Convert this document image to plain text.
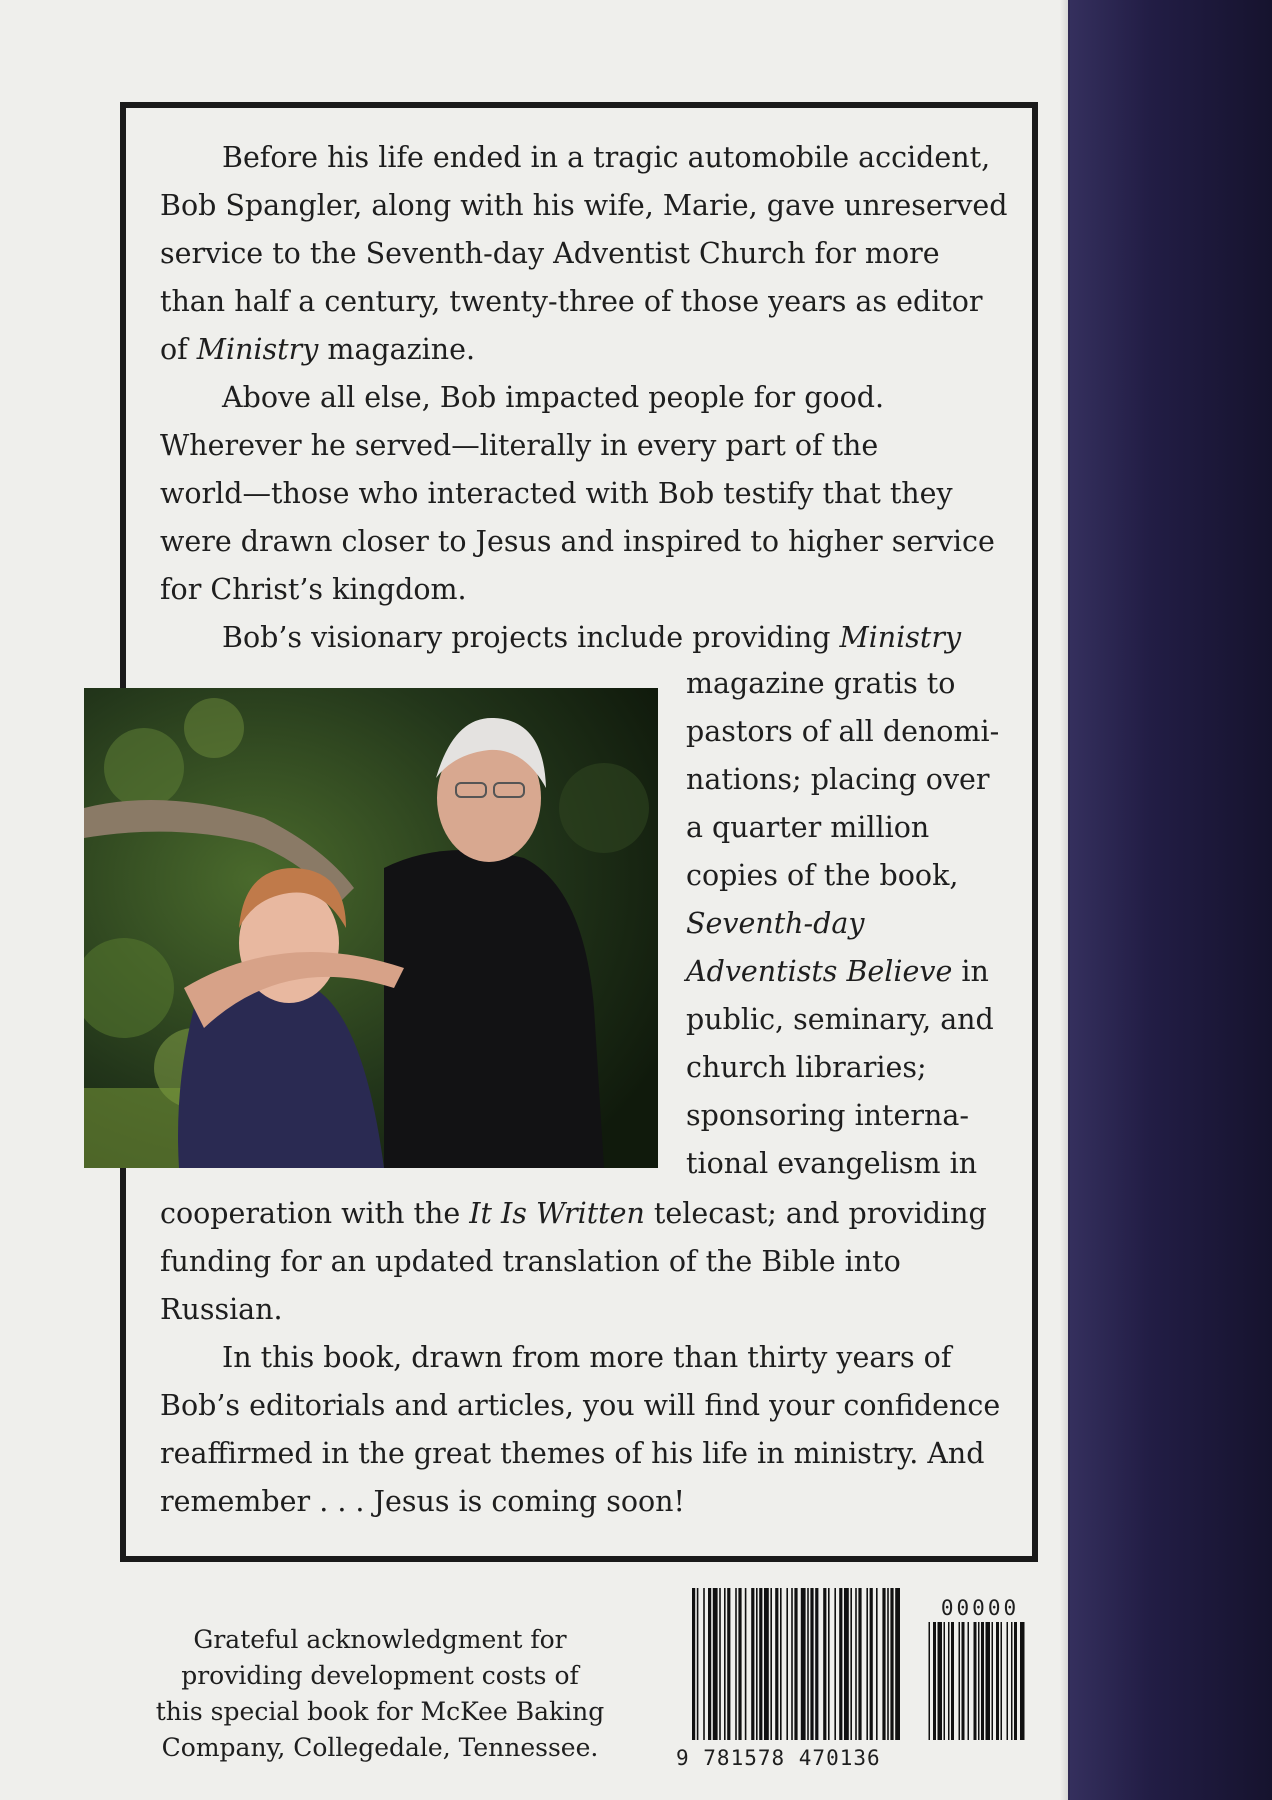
Before his life ended in a tragic automobile accident,
Bob Spangler, along with his wife, Marie, gave unreserved
service to the Seventh-day Adventist Church for more
than half a century, twenty-three of those years as editor
of Ministry magazine.

Above all else, Bob impacted people for good.
Wherever he served—literally in every part of the
world—those who interacted with Bob testify that they
were drawn closer to Jesus and inspired to higher service
for Christ’s kingdom.

Bob’s visionary projects include providing Ministry

magazine gratis to
pastors of all denomi-
nations; placing over
a quarter million
copies of the book,
Seventh-day
Adventists Believe in
public, seminary, and
church libraries;
sponsoring interna-
tional evangelism in
cooperation with the It Is Written telecast; and providing
funding for an updated translation of the Bible into
Russian.

In this book, drawn from more than thirty years of
Bob’s editorials and articles, you will find your confidence
reaffirmed in the great themes of his life in ministry. And
remember . . . Jesus is coming soon!

Grateful acknowledgment for
providing development costs of
this special book for McKee Baking
Company, Collegedale, Tennessee.
00000
9 781578 470136
